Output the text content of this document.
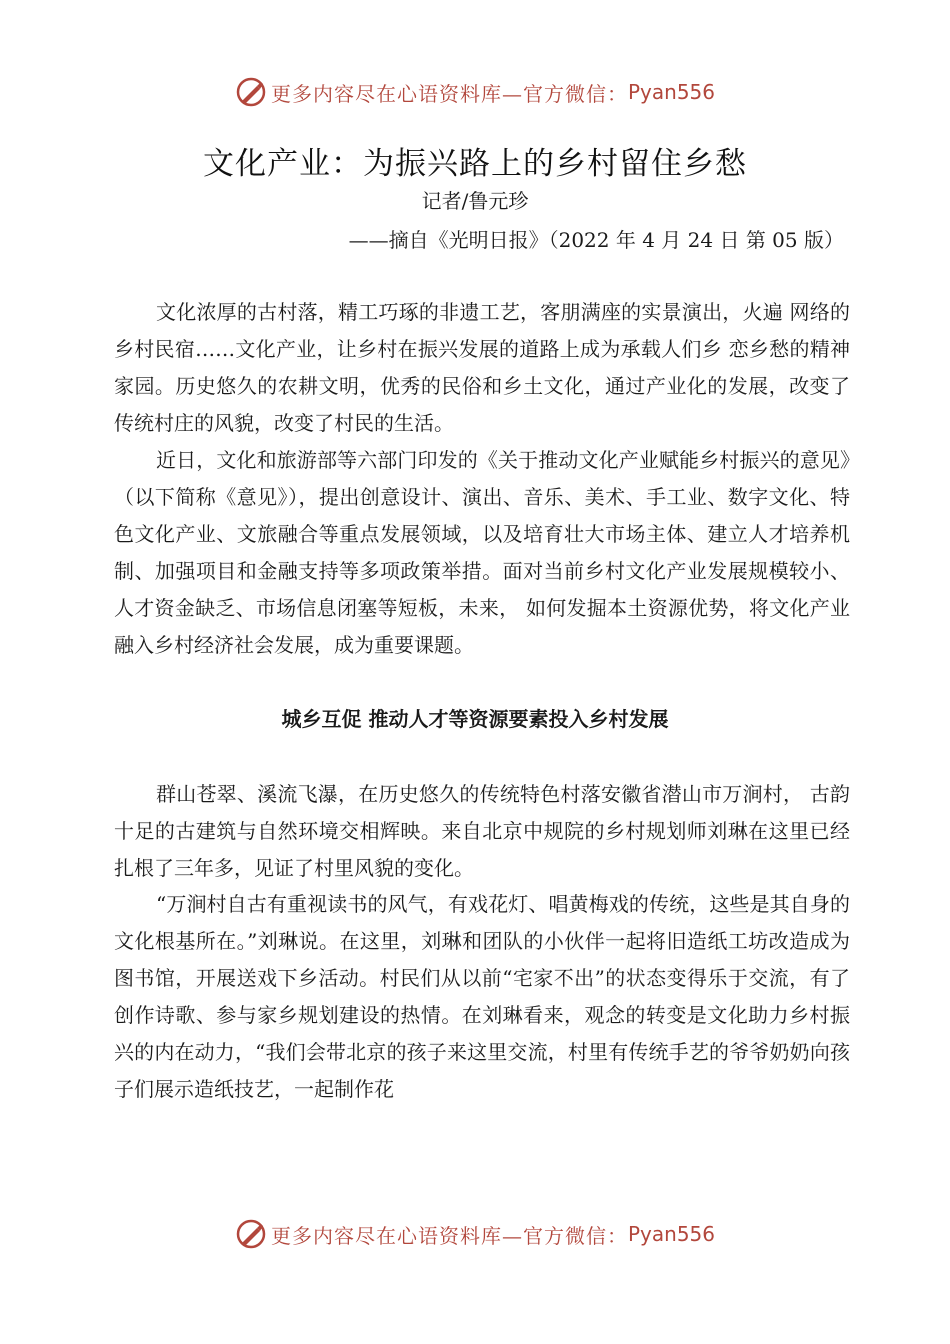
更多内容尽在心语资料库—官方微信： Pyan556
文化产业：为振兴路上的乡村留住乡愁
记者/鲁元珍
——摘自《光明日报》（2022 年 4 月 24 日 第 05 版）

文化浓厚的古村落，精工巧琢的非遗工艺，客朋满座的实景演出，火遍 网络的乡村民宿……文化产业，让乡村在振兴发展的道路上成为承载人们乡 恋乡愁的精神家园。历史悠久的农耕文明，优秀的民俗和乡土文化，通过产业化的发展，改变了传统村庄的风貌，改变了村民的生活。

近日，文化和旅游部等六部门印发的《关于推动文化产业赋能乡村振兴的意见》（以下简称《意见》），提出创意设计、演出、音乐、美术、手工业、数字文化、特色文化产业、文旅融合等重点发展领域，以及培育壮大市场主体、建立人才培养机制、加强项目和金融支持等多项政策举措。面对当前乡村文化产业发展规模较小、人才资金缺乏、市场信息闭塞等短板，未来， 如何发掘本土资源优势，将文化产业融入乡村经济社会发展，成为重要课题。

城乡互促 推动人才等资源要素投入乡村发展

群山苍翠、溪流飞瀑，在历史悠久的传统特色村落安徽省潜山市万涧村， 古韵十足的古建筑与自然环境交相辉映。来自北京中规院的乡村规划师刘琳在这里已经扎根了三年多，见证了村里风貌的变化。

“万涧村自古有重视读书的风气，有戏花灯、唱黄梅戏的传统，这些是其自身的文化根基所在。”刘琳说。在这里，刘琳和团队的小伙伴一起将旧造纸工坊改造成为图书馆，开展送戏下乡活动。村民们从以前“宅家不出”的状态变得乐于交流，有了创作诗歌、参与家乡规划建设的热情。在刘琳看来，观念的转变是文化助力乡村振兴的内在动力，“我们会带北京的孩子来这里交流，村里有传统手艺的爷爷奶奶向孩子们展示造纸技艺，一起制作花

更多内容尽在心语资料库—官方微信： Pyan556
